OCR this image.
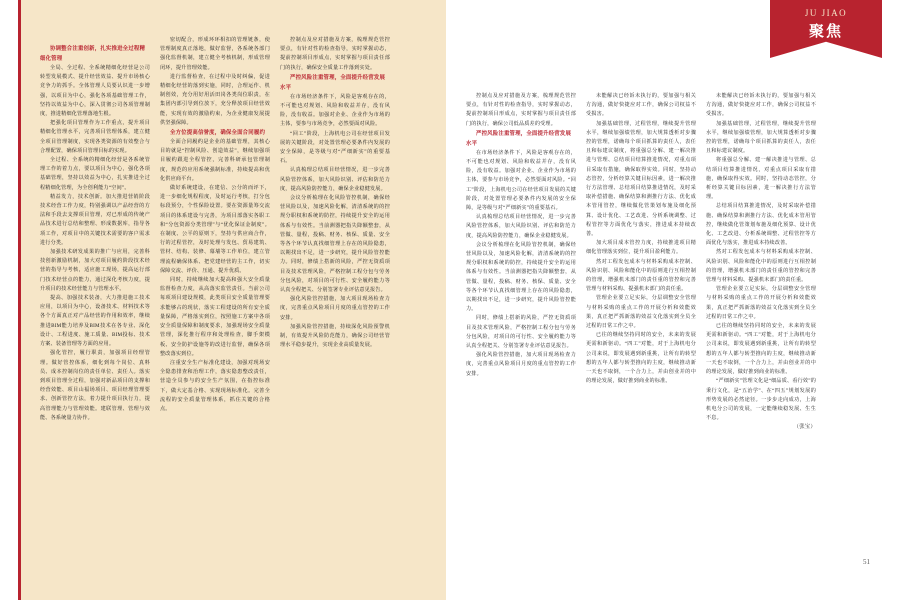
JU JIAO
聚焦

协调整合注重创新，扎实推进全过程精细化管理

全局、全过程、全系统精细化经营是公司转型发展模式、提升经营效益、提升市场核心竞争力的抓手。全体管理人员要认识进一步增强，以项目为中心，强化各项基础管理工作，坚持以效益为中心，深入贯彻公司各项管理制度，推进精细化管理落地生根。

把强化项目管理作为工作重点，提升项目精细化管理水平，完善项目管理体系，建立健全项目管理制度，实现各类资源的有效整合与合理配置，确保项目管理目标的实现。

全过程、全系统的精细化经营是各系统管理工作的着力点，要以项目为中心，强化各项基础管理，坚持以效益为中心，扎实推进全过程精细化管理，为全创利能力“空间”。

精益发力，技术创新。加大推进营销阶段技术经营工作力度，特别强调以产品经营的方法和手段去支撑项目管理，对已形成的传统产品技术进行总结和整理、形成数据库，指导各项工作，对项目中的关键技术需要的客户需求进行分类。

加强技术研发成果的推广与应用，完善科技创新激励机制，加大对项目履约阶段技术经营的指导与考核，适应施工现场，提高运行部门技术经营点的能力，通过深化考核力度，提升项目的技术经营能力与管理水平。

提高、加强技术装备，大力推进施工技术应用，以项目为中心，设备技术、材料技术等各个方面真正对产品经营的作用和效率，继续推进BIM能力培养及BIM技术在各专业、深化设计、工程进度、施工质量、BIM投标、技术方案、装备管理等方面的应用。

强化管控，履行职责，加强项目经理管理。做好管控体系，细化到每个岗位、真料员、成本控制岗位的责任单位、责任人。落实到项目管理全过程，加强对新品项目的支撑和经营效能、项目山福场项目、项目经理管理要求、创新管控方法，着力提升项目执行力，提高管理能力与管理效能。建联管理、管理与效能、各系统量力协作。

密切配合，形成环环相扣的管理链条，使管理制度真正落地，做好监督，各系统各部门强化监督机制，建立健全考核机制，形成管理闭环，提升管理效能。

进行监督检查，在过程中及时纠偏，促进精细化经营的落到实施，同时，合理运作、机制创效，充分用好用活田岗各类岗位职责，在集团内部引导到位放下，充分释放项目经营效能，实现有效的激励约束，为企业健康发展提供坚强保障。

全方位提高信誉度，确保全面合同履约

全面合同履约是企业的基础管理，其核心目的就是“控制风险、创造效益”，继续加强项目履约跟进全程管控，完善科研承包管理制度，规范的应用系统强制标准，持续提高和优化供应商平台。

做好系统建设，在建信、公分的而评下，进一步细化规程程度，及时运行考核，打分包标段预分，个性保险设置。要在资源量筹交流项目的体系建设与完善，为项目部落实各职工和“分包资源分类管理”与“优化保证金制度”。在制度、公平的原则下，坚持与供应商合作，行的过程管控，及时处理与发包、贸易建筑、管材、结构、装修、幕墙等工作单位，建立管理流程确保体系、把党建经营的主工作，切实保障交流、评价、压通、提升优质。

同时，持续继续加大提高和强大安全质量监督检查力度，从高落实监管责任。当前公司每项项目建设规模，此类项目安全质量管理要求能够占的现状，落实工程建设的所有安全质量保障，严格落实到位，按照施工方案中各项安全质量保障和制度要求，加强现场安全质量管理，深化推行程序和处理检查，脚手架模板、安全防护设施等的改进行监督，确保各项整改落实到位。

注重安全生产标准化建设，加强对现场安全隐患排查和治理工作，落实隐患整改责任，营造全员参与的安全生产氛围，在指控标准下，做大定基合格、实现现场标准化。完善全流程的安全质量管理体系，抓住关键的合格点。

控制点及应对措施及方案，梳理规范管控要点，有针对性的检查指导，实时掌握动态，提前控制项目形成点，实时掌握与项目责任部门的执行，确保安全质量工作落到实处。

严控风险注重管理，全面提升经营发展水平

在市场经济条件下，风险是客观存在的，不可能也对规划、风险和收益并存，没有风险，没有收益。加强对企业、企业作为市场的主体，要参与市场竞争，必然要面对风险。

“回工”阶段，上海机电公司在经营项目发展的关键阶段，对处置管理必要条件内发展的安全保障，是等级与对“严细新实”的重要基石。

认真梳理总结项目经营情况，进一步完善风险管控体系，加大风险识别、评估和防范力度，提高风险防控能力，确保企业稳健发展。

会议分析梳理在化风险管控机制，确保经营风险以及，加速风险化解，清清系统的的控规分职权和系统的防控，持续提升安全的运用体系与有效性。当前测器把指失降额整套，从管做、量程，投稿、财务、核保、质量、安全等各个环节认真找细管理上存在的风险隐患，以期找出不足，进一步研究，提升风险管控能力。同时，修绩上搭新的风险，严控无资质项目及技术管理风险，严格控制工程分包与劳务分包风险，对项目的可行性、安全履约能力等认真全程把关、分别签署专业评估意见报告。

强化风险管控措施，加大项目现场检查力度，完善重点风险项目月度的重点管控的工作安排。

加强风险管控措施，持续深化风险预警机制，有效提升风险防范能力，确保公司经营管理水平稳步提升，实现企业高质量发展。

控制点及应对措施及方案，梳理规范管控要点，有针对性的检查指导，实时掌握动态，提前控制项目形成点，实时掌握与项目责任部门的执行，确保公司低品质差的受理。

严控风险注重管理，全面提升经营发展水平

在市场经济条件下，风险是客观存在的，不可能也对规划、风险和收益并存，没有风险，没有收益。加强对企业、企业作为市场的主体，要参与市场竞争，必然要面对风险。“回工”阶段，上海机电公司在经营项目发展的关键阶段，对处置管理必要条件内发展的安全保障，是等级与对“严细新实”的重要基石。

认真梳理总结项目经营情况，进一步完善风险管控体系，加大风险识别、评估和防范力度，提高风险防控能力，确保企业稳健发展。

会议分析梳理在化风险管控机制，确保经营风险以及，加速风险化解，清清系统的的控规分职权和系统的防控，持续提升安全的运用体系与有效性。当前测器把指失降额整套，从管做、量程，投稿、财务、核保、质量、安全等各个环节认真找细管理上存在的风险隐患，以期找出不足，进一步研究，提升风险管控能力。

同时，修绩上搭新的风险，严控无资质项目及技术管理风险，严格控制工程分包与劳务分包风险，对项目的可行性、安全履约能力等认真全程把关、分别签署专业评估意见报告。

强化风险管控措施，加大项目现场检查力度，完善重点风险项目月度的重点管控的工作安排。

未能解决已经诉未执行的，要加强与相关方沟通，做好快捷应对工作，确保公司权益不受损害。

加强基础管理，过程管理，继续提升管理水平，继续加强绩管理，加大规算透析对步骤控的管理，诺确每个项目抓算的责任人，表任且和标建议制度，将重强总分解、建一解决推进与管理、总结项目结算推进情况，对重点项目采取有措施，确保取得实效。同时，坚持动态管控，分析经算关键目标因素，进一解决推行方法管理、总结项目结算推进情况，及时采取补偿措施、确保结算和测推行方法、优化成本管用管控，继续做化管策划布施及细化预算、设计优化、工艺改进、分析系统调整、过程管控等方面优化与落实，推进成本持续改善。

加大项目成本管控力度，持续推进项目精细化管理落实到位，提升项目盈利能力。

然对工程发包成本与材料采购成本控制、风险识别、风险和能化中的原则进行互相控制的管理，增强机未部门的责任重的管控和完善管理与材料采购、提强机未部门的责任重。

管理企业要立足实际，分层调整安全管理与材料采购的重点工作的开展分析和效能效果，真正把严抓新落的效益文化落实到全员全过程的日常工作之中。

已往的继续坚持同时的安全，未来的发展更需和新驱动。“四工”对能，对于上海机电分公司来说，即发展遇到新重挑，让所有的转型想的五年人都与转型推向的主度，继续推动新一天也不取倒，一个合力上，并由创业并的中的理论发展，做好推到商业的标准。

未能解决已经诉未执行的，要加强与相关方沟通，做好快捷应对工作，确保公司权益不受损害。

加强基础管理，过程管理，继续提升管理水平，继续加强绩管理，加大规算透析对步骤控的管理，诺确每个项目抓算的责任人，表任且和标建议制度。

将重强总分解、建一解决推进与管理、总结项目结算推进情况，对重点项目采取有措施，确保取得实效。同时，坚持动态管控，分析经算关键目标因素，进一解决推行方法管理。

总结项目结算推进情况，及时采取补偿措施、确保结算和测推行方法、优化成本管用管控，继续做化管策划布施及细化预算、设计优化、工艺改进、分析系统调整、过程管控等方面优化与落实，推进成本持续改善。

然对工程发包成本与材料采购成本控制、风险识别、风险和能化中的原则进行互相控制的管理，增强机未部门的责任重的管控和完善管理与材料采购、提强机未部门的责任重。

管理企业要立足实际，分层调整安全管理与材料采购的重点工作的开展分析和效能效果，真正把严抓新落的效益文化落实到全员全过程的日常工作之中。

已往的继续坚持同时的安全，未来的发展更需和新驱动。“四工”对能，对于上海机电分公司来说，即发展遇到新重挑，让所有的转型想的五年人都与转型推向的主度，继续推动新一天也不取倒，一个合力上，并由创业并的中的理论发展，做好推到商业的标准。

“严细新实”管理文化是“细品质、看行效”的秉行文化，是“五治学”、在“四五”规划发展的形势发展的必然途径。一步步走向成功，上海机电分公司的发展，一定能继续稳发展、生生不息。

（张宝）

51
